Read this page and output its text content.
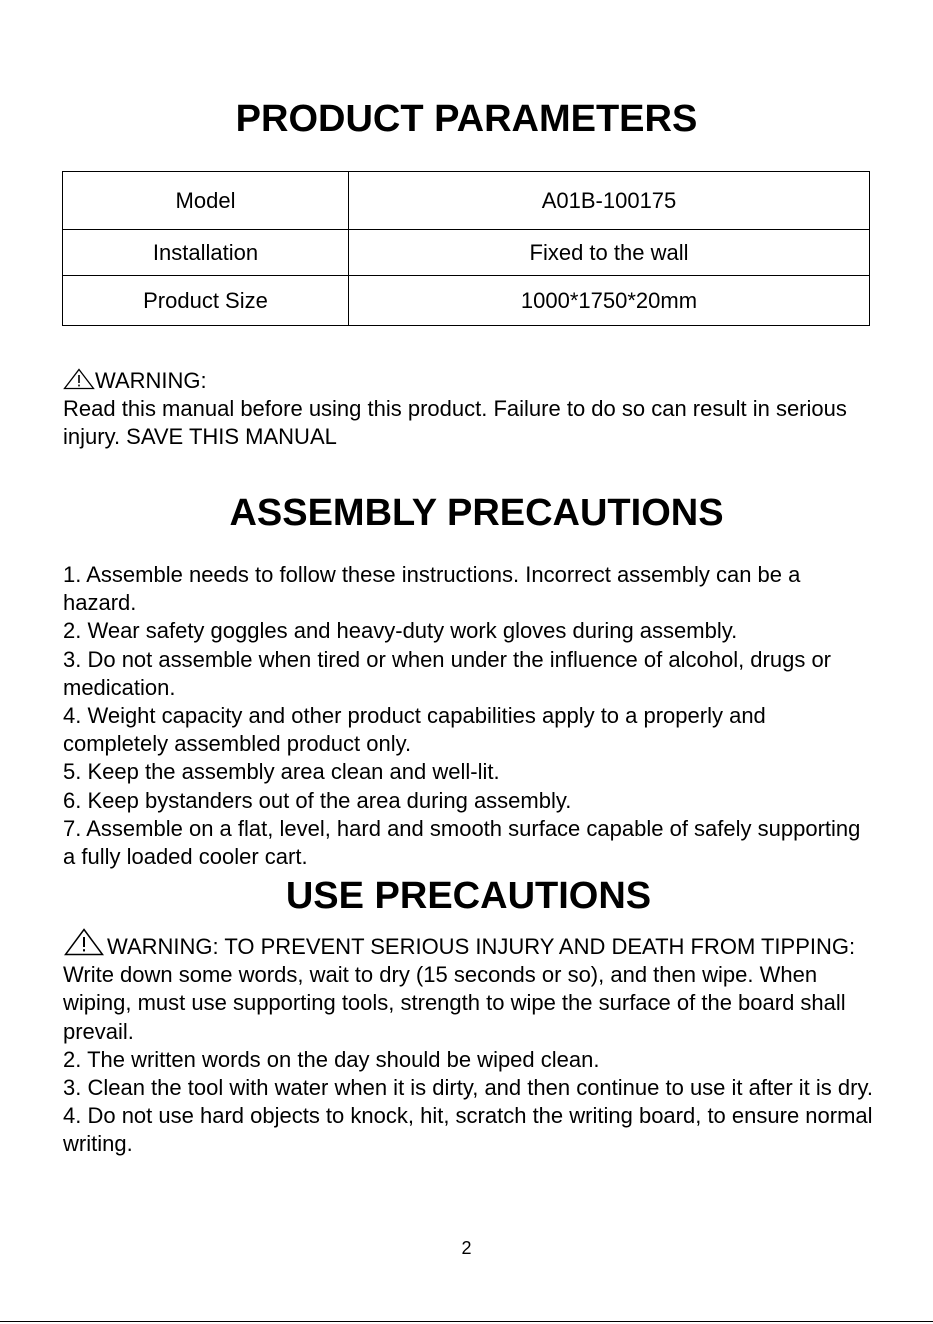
PRODUCT PARAMETERS
Model	A01B-100175
Installation	Fixed to the wall
Product Size	1000*1750*20mm

WARNING:

Read this manual before using this product. Failure to do so can result in serious injury. SAVE THIS MANUAL

ASSEMBLY PRECAUTIONS

1. Assemble needs to follow these instructions. Incorrect assembly can be a hazard.

2. Wear safety goggles and heavy-duty work gloves during assembly.

3. Do not assemble when tired or when under the influence of alcohol, drugs or medication.

4. Weight capacity and other product capabilities apply to a properly and completely assembled product only.

5. Keep the assembly area clean and well-lit.

6. Keep bystanders out of the area during assembly.

7. Assemble on a flat, level, hard and smooth surface capable of safely supporting a fully loaded cooler cart.

USE PRECAUTIONS

WARNING: TO PREVENT SERIOUS INJURY AND DEATH FROM TIPPING:

Write down some words, wait to dry (15 seconds or so), and then wipe. When wiping, must use supporting tools, strength to wipe the surface of the board shall prevail.

2. The written words on the day should be wiped clean.

3. Clean the tool with water when it is dirty, and then continue to use it after it is dry.

4. Do not use hard objects to knock, hit, scratch the writing board, to ensure normal writing.

2
